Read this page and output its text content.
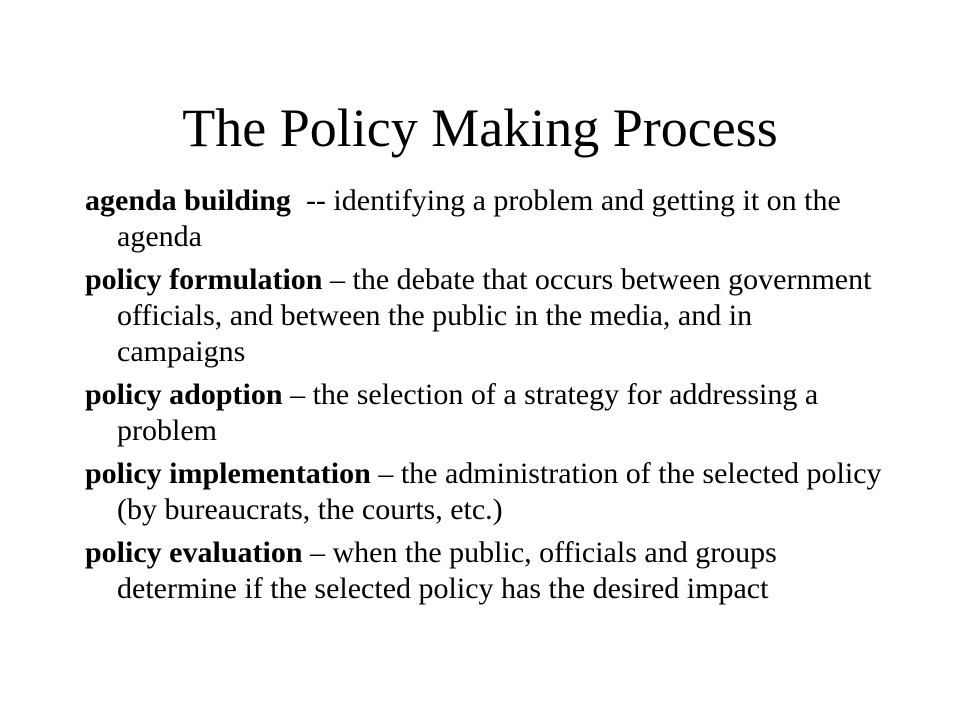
The Policy Making Process
agenda building  -- identifying a problem and getting it on the agenda
policy formulation – the debate that occurs between government officials, and between the public in the media, and in campaigns
policy adoption – the selection of a strategy for addressing a problem
policy implementation – the administration of the selected policy (by bureaucrats, the courts, etc.)
policy evaluation – when the public, officials and groups determine if the selected policy has the desired impact
